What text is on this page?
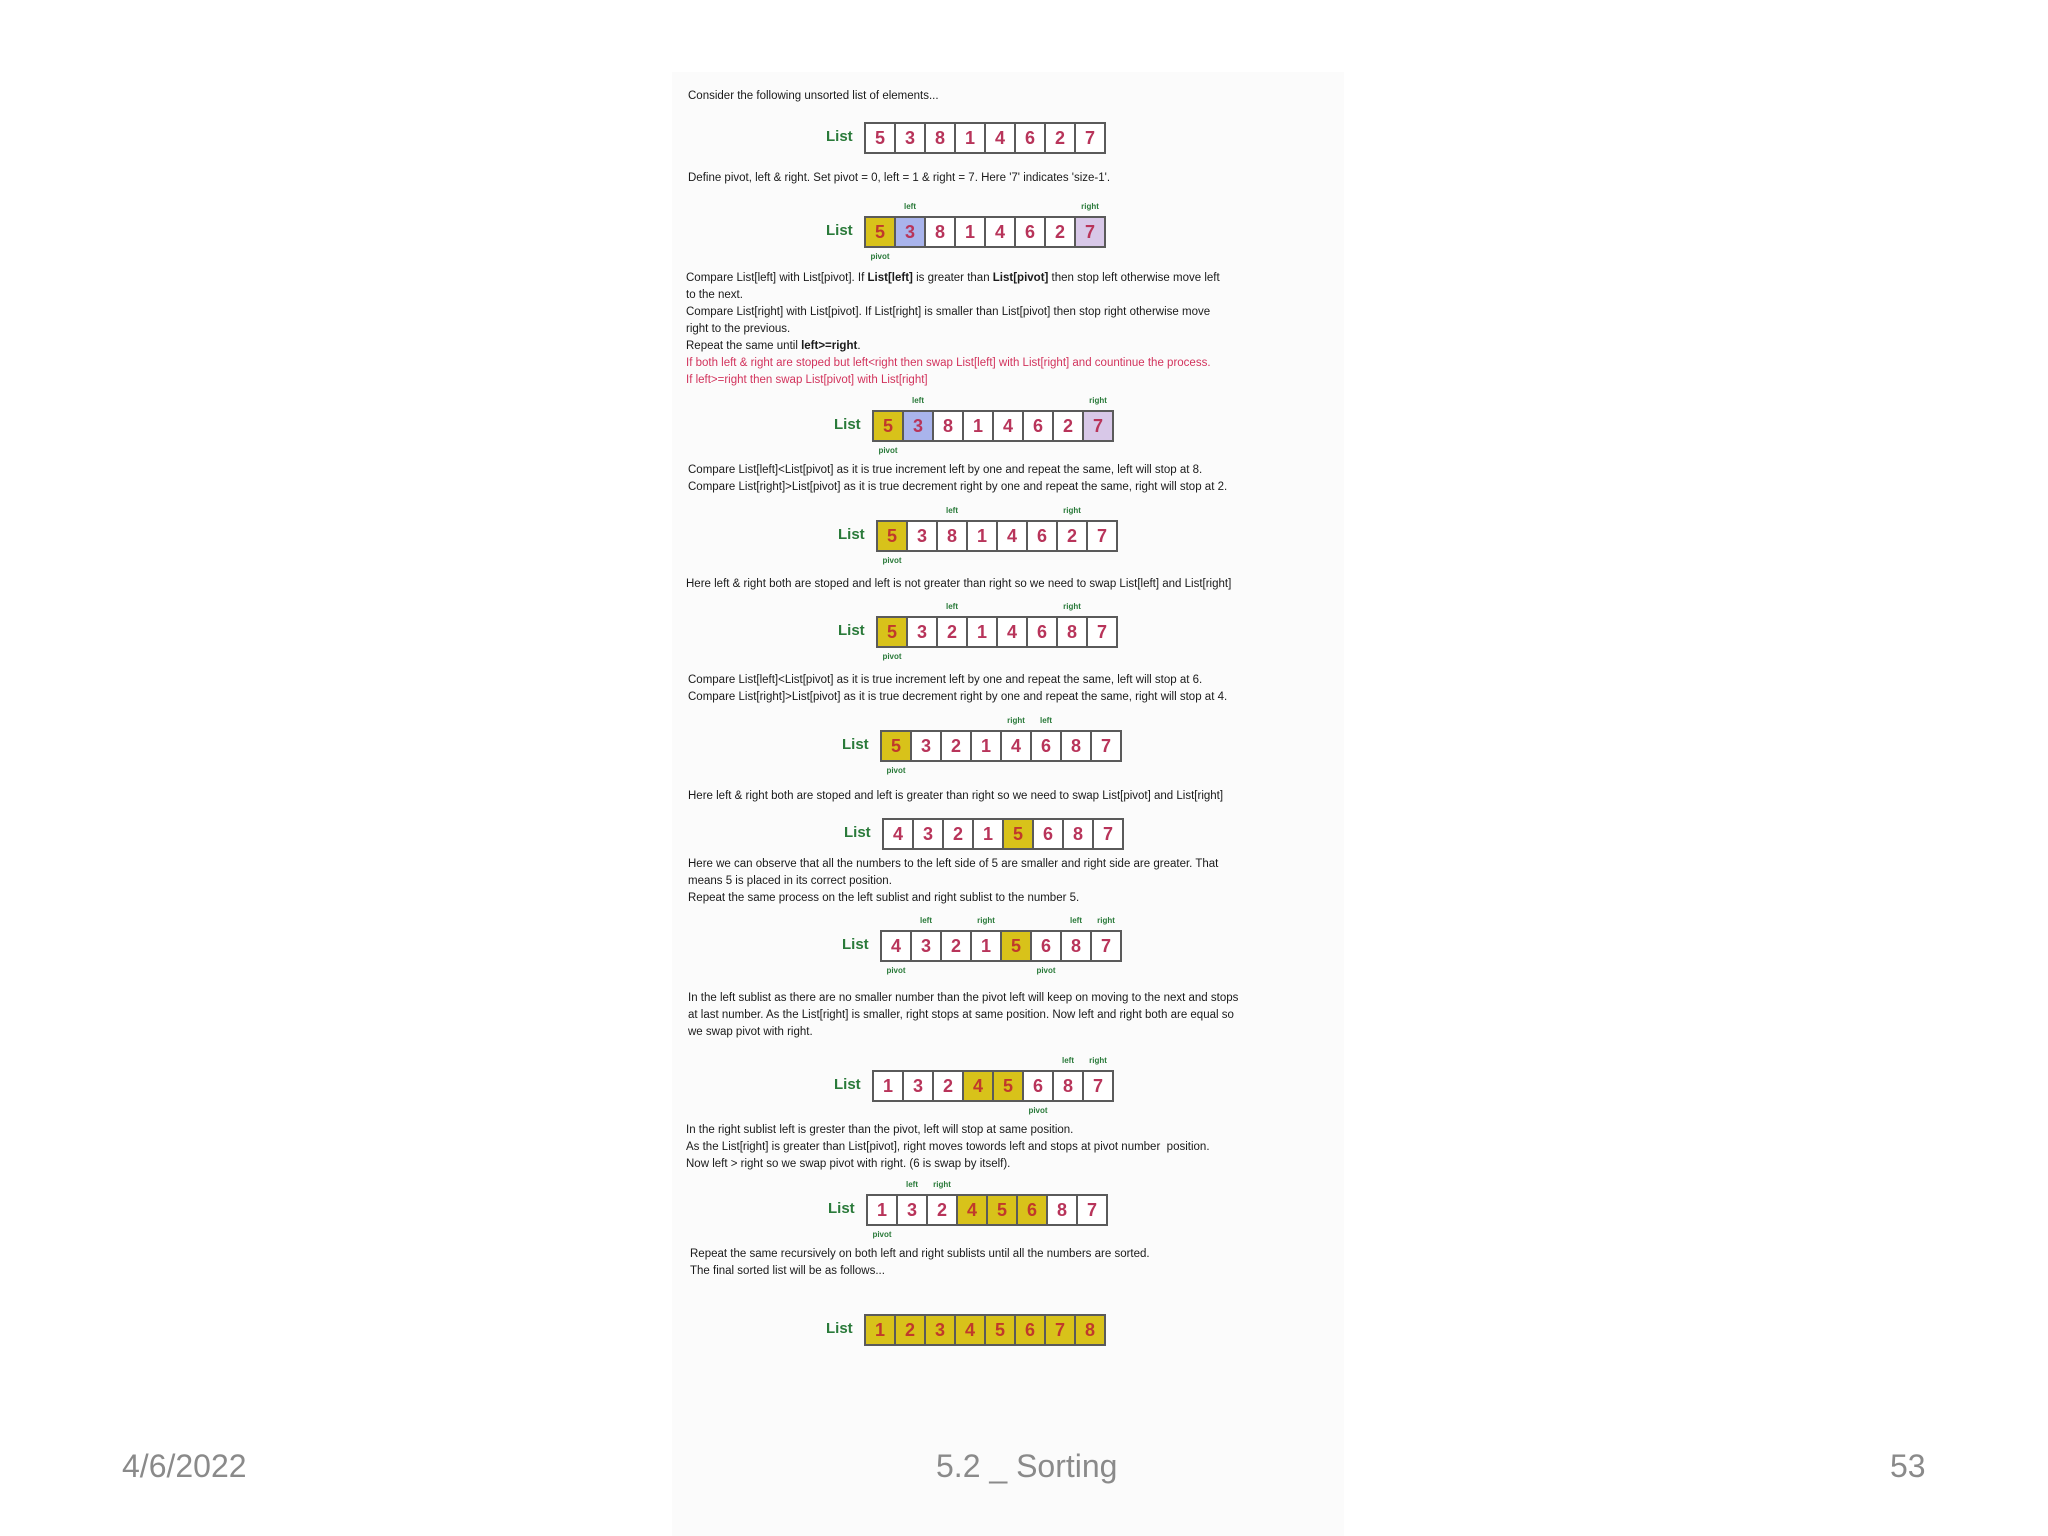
Consider the following unsorted list of elements...
List	5	3	8	1	4	6	2	7
Define pivot, left & right. Set pivot = 0, left = 1 & right = 7. Here '7' indicates 'size-1'.
List	5	3	8	1	4	6	2	7
left	right
pivot
Compare List[left] with List[pivot]. If List[left] is greater than List[pivot] then stop left otherwise move left
to the next.
Compare List[right] with List[pivot]. If List[right] is smaller than List[pivot] then stop right otherwise move
right to the previous.
Repeat the same until left>=right.
If both left & right are stoped but left<right then swap List[left] with List[right] and countinue the process.
If left>=right then swap List[pivot] with List[right]
List	5	3	8	1	4	6	2	7
left	right
pivot
Compare List[left]<List[pivot] as it is true increment left by one and repeat the same, left will stop at 8.
Compare List[right]>List[pivot] as it is true decrement right by one and repeat the same, right will stop at 2.
List	5	3	8	1	4	6	2	7
left	right
pivot
Here left & right both are stoped and left is not greater than right so we need to swap List[left] and List[right]
List	5	3	2	1	4	6	8	7
left	right
pivot
Compare List[left]<List[pivot] as it is true increment left by one and repeat the same, left will stop at 6.
Compare List[right]>List[pivot] as it is true decrement right by one and repeat the same, right will stop at 4.
List	5	3	2	1	4	6	8	7
right	left
pivot
Here left & right both are stoped and left is greater than right so we need to swap List[pivot] and List[right]
List	4	3	2	1	5	6	8	7
Here we can observe that all the numbers to the left side of 5 are smaller and right side are greater. That
means 5 is placed in its correct position.
Repeat the same process on the left sublist and right sublist to the number 5.
List	4	3	2	1	5	6	8	7
left	right	left	right
pivot	pivot
In the left sublist as there are no smaller number than the pivot left will keep on moving to the next and stops
at last number. As the List[right] is smaller, right stops at same position. Now left and right both are equal so
we swap pivot with right.
List	1	3	2	4	5	6	8	7
left	right
pivot
In the right sublist left is grester than the pivot, left will stop at same position.
As the List[right] is greater than List[pivot], right moves towords left and stops at pivot number  position.
Now left > right so we swap pivot with right. (6 is swap by itself).
List	1	3	2	4	5	6	8	7
left	right
pivot
Repeat the same recursively on both left and right sublists until all the numbers are sorted.
The final sorted list will be as follows...
List	1	2	3	4	5	6	7	8
4/6/2022	5.2 _ Sorting	53
